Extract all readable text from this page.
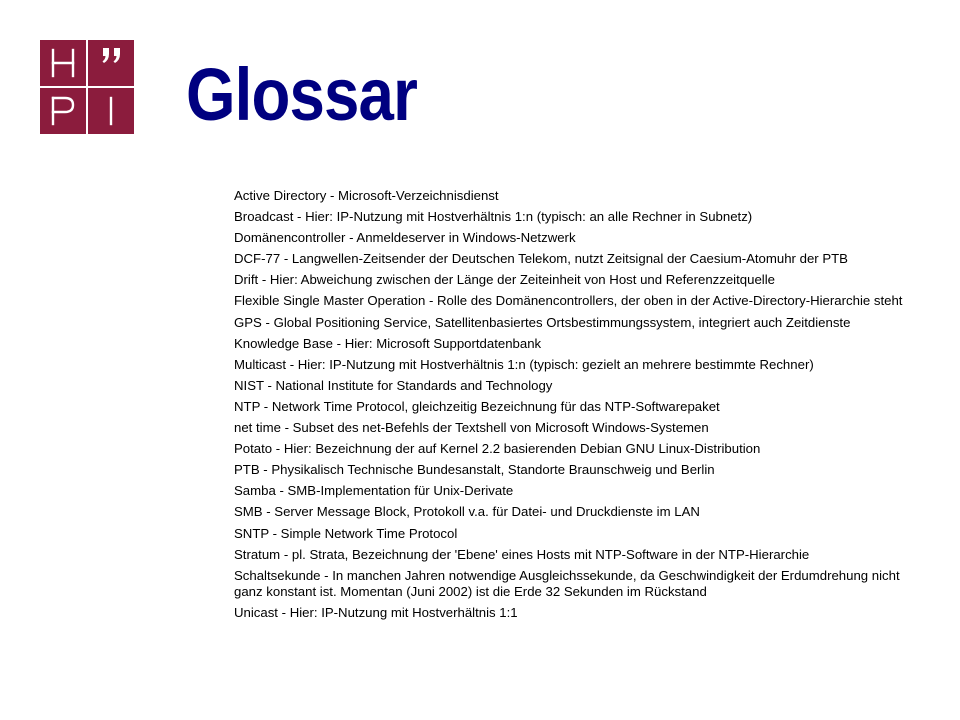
Glossar
Active Directory - Microsoft-Verzeichnisdienst
Broadcast - Hier: IP-Nutzung mit Hostverhältnis 1:n (typisch: an alle Rechner in Subnetz)
Domänencontroller - Anmeldeserver in Windows-Netzwerk
DCF-77 - Langwellen-Zeitsender der Deutschen Telekom, nutzt Zeitsignal der Caesium-Atomuhr der PTB
Drift - Hier: Abweichung zwischen der Länge der Zeiteinheit von Host und Referenzzeitquelle
Flexible Single Master Operation - Rolle des Domänencontrollers, der oben in der Active-Directory-Hierarchie steht
GPS - Global Positioning Service, Satellitenbasiertes Ortsbestimmungssystem, integriert auch Zeitdienste
Knowledge Base - Hier: Microsoft Supportdatenbank
Multicast - Hier: IP-Nutzung mit Hostverhältnis 1:n (typisch: gezielt an mehrere bestimmte Rechner)
NIST - National Institute for Standards and Technology
NTP - Network Time Protocol, gleichzeitig Bezeichnung für das NTP-Softwarepaket
net time - Subset des net-Befehls der Textshell von Microsoft Windows-Systemen
Potato - Hier: Bezeichnung der auf Kernel 2.2 basierenden Debian GNU Linux-Distribution
PTB - Physikalisch Technische Bundesanstalt, Standorte Braunschweig und Berlin
Samba - SMB-Implementation für Unix-Derivate
SMB - Server Message Block, Protokoll v.a. für Datei- und Druckdienste im LAN
SNTP - Simple Network Time Protocol
Stratum - pl. Strata, Bezeichnung der 'Ebene' eines Hosts mit NTP-Software in der NTP-Hierarchie
Schaltsekunde - In manchen Jahren notwendige Ausgleichssekunde, da Geschwindigkeit der Erdumdrehung nicht ganz konstant ist. Momentan (Juni 2002) ist die Erde 32 Sekunden im Rückstand
Unicast - Hier: IP-Nutzung mit Hostverhältnis 1:1
